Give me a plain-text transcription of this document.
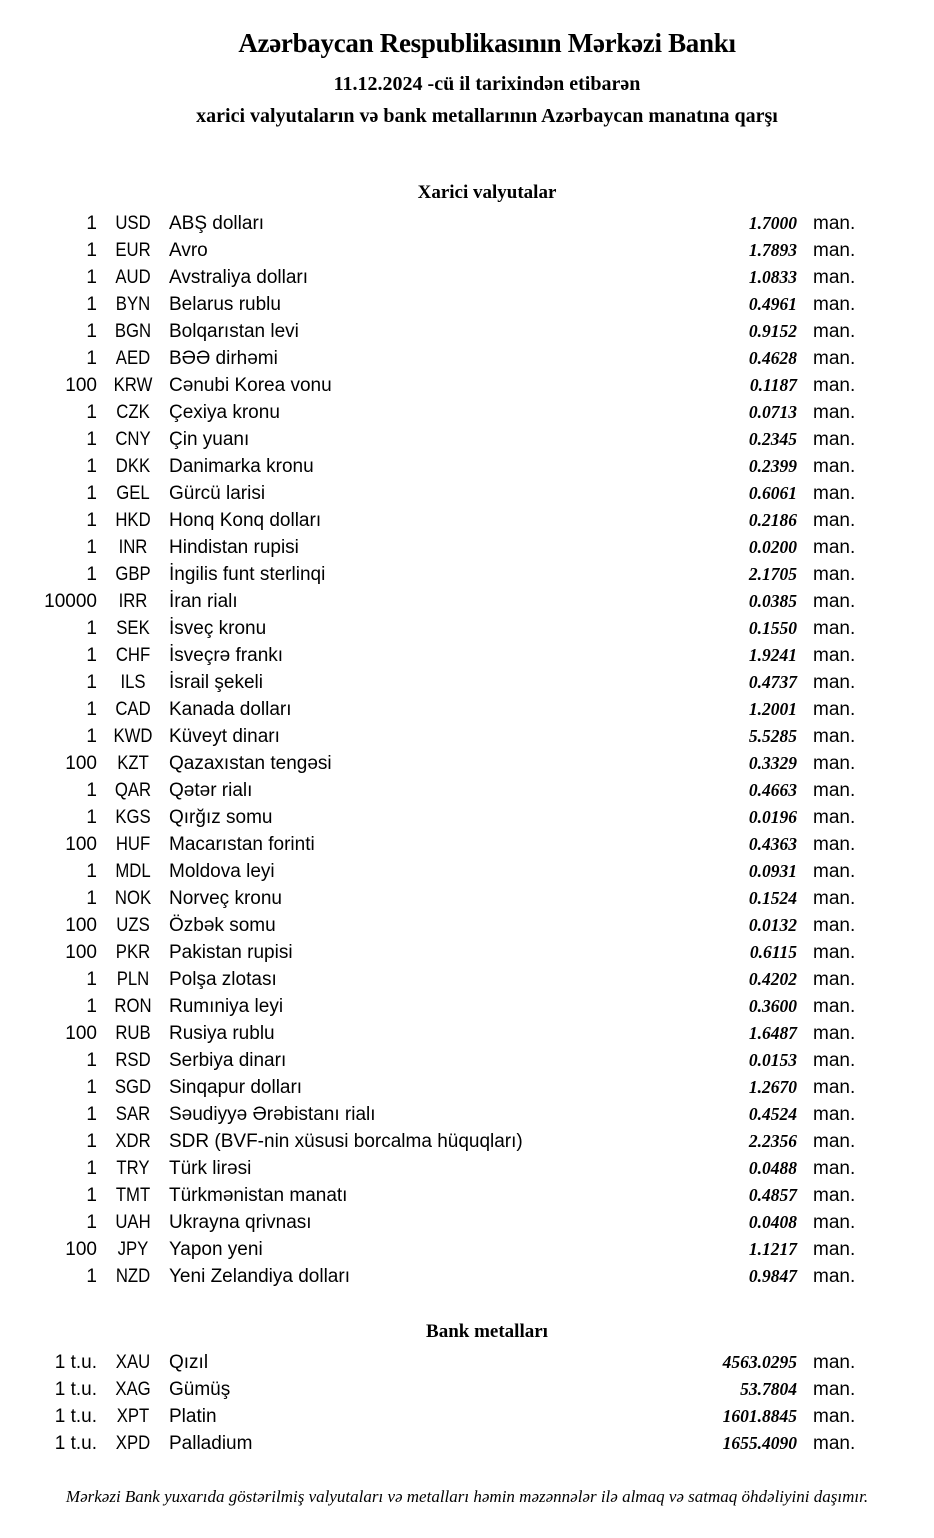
Azərbaycan Respublikasının Mərkəzi Bankı
11.12.2024 -cü il tarixindən etibarən
xarici valyutaların və bank metallarının Azərbaycan manatına qarşı
Xarici valyutalar
1 USD ABŞ dolları	1.7000 man.
1 EUR Avro	1.7893 man.
1 AUD Avstraliya dolları	1.0833 man.
1 BYN Belarus rublu	0.4961 man.
1 BGN Bolqarıstan levi	0.9152 man.
1 AED BƏƏ dirhəmi	0.4628 man.
100 KRW Cənubi Korea vonu	0.1187 man.
1	CZK	Çexiya kronu	0.0713 man.
1 CNY Çin yuanı	0.2345 man.
1 DKK Danimarka kronu	0.2399 man.
1	GEL	Gürcü larisi	0.6061 man.
1 HKD Honq Konq dolları	0.2186 man.
1	INR	Hindistan rupisi	0.0200 man.
1 GBP İngilis funt sterlinqi	2.1705 man.
10000	IRR	İran rialı	0.0385 man.
1	SEK	İsveç kronu	0.1550 man.
1 CHF İsveçrə frankı	1.9241 man.
1	ILS	İsrail şekeli	0.4737 man.
1 CAD Kanada dolları	1.2001 man.
1 KWD Küveyt dinarı	5.5285 man.
100	KZT	Qazaxıstan tengəsi	0.3329 man.
1 QAR Qətər rialı	0.4663 man.
1 KGS Qırğız somu	0.0196 man.
100 HUF Macarıstan forinti	0.4363 man.
1 MDL Moldova leyi	0.0931 man.
1 NOK Norveç kronu	0.1524 man.
100	UZS	Özbək somu	0.0132 man.
100 PKR Pakistan rupisi	0.6115 man.
1	PLN	Polşa zlotası	0.4202 man.
1 RON Rumıniya leyi	0.3600 man.
100 RUB Rusiya rublu	1.6487 man.
1 RSD Serbiya dinarı	0.0153 man.
1 SGD Sinqapur dolları	1.2670 man.
1 SAR Səudiyyə Ərəbistanı rialı	0.4524 man.
1 XDR SDR (BVF-nin xüsusi borcalma hüquqları)	2.2356 man.
1	TRY	Türk lirəsi	0.0488 man.
1 TMT Türkmənistan manatı	0.4857 man.
1 UAH Ukrayna qrivnası	0.0408 man.
100	JPY	Yapon yeni	1.1217 man.
1 NZD Yeni Zelandiya dolları	0.9847 man.
Bank metalları
1 t.u. XAU Qızıl	4563.0295 man.
1 t.u. XAG Gümüş	53.7804 man.
1 t.u.	XPT	Platin	1601.8845 man.
1 t.u. XPD Palladium	1655.4090 man.

Mərkəzi Bank yuxarıda göstərilmiş valyutaları və metalları həmin məzənnələr ilə almaq və satmaq öhdəliyini daşımır.
